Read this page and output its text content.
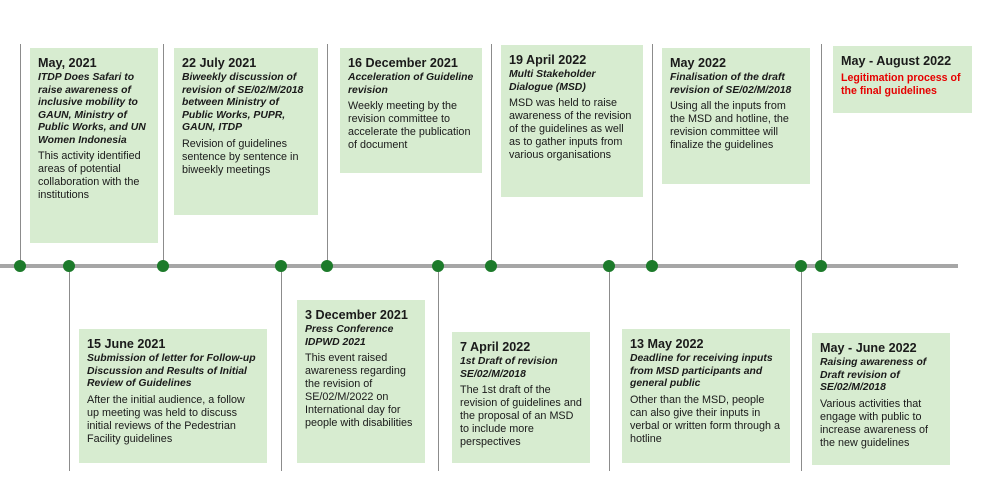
May, 2021
ITDP Does Safari to raise awareness of inclusive mobility to GAUN, Ministry of Public Works, and UN Women Indonesia
This activity identified areas of potential collaboration with the institutions
22 July 2021
Biweekly discussion of revision of SE/02/M/2018 between Ministry of Public Works, PUPR, GAUN, ITDP
Revision of guidelines sentence by sentence in biweekly meetings
16 December 2021
Acceleration of Guideline revision
Weekly meeting by the revision committee to accelerate the publication of document
19 April 2022
Multi Stakeholder Dialogue (MSD)
MSD was held to raise awareness of the revision of the guidelines as well as to gather inputs from various organisations
May 2022
Finalisation of the draft revision of SE/02/M/2018
Using all the inputs from the MSD and hotline, the revision committee will finalize the guidelines
May - August 2022
Legitimation process of the final guidelines
15 June 2021
Submission of letter for Follow-up Discussion and Results of Initial Review of Guidelines
After the initial audience, a follow up meeting was held to discuss initial reviews of the Pedestrian Facility guidelines
3 December 2021
Press Conference IDPWD 2021
This event raised awareness regarding the revision of SE/02/M/2022 on International day for people with disabilities
7 April 2022
1st Draft of revision SE/02/M/2018
The 1st draft of the revision of guidelines and the proposal of an MSD to include more perspectives
13 May 2022
Deadline for receiving inputs from MSD participants and general public
Other than the MSD, people can also give their inputs in verbal or written form through a hotline
May - June 2022
Raising awareness of Draft revision of SE/02/M/2018
Various activities that engage with public to increase awareness of the new guidelines
